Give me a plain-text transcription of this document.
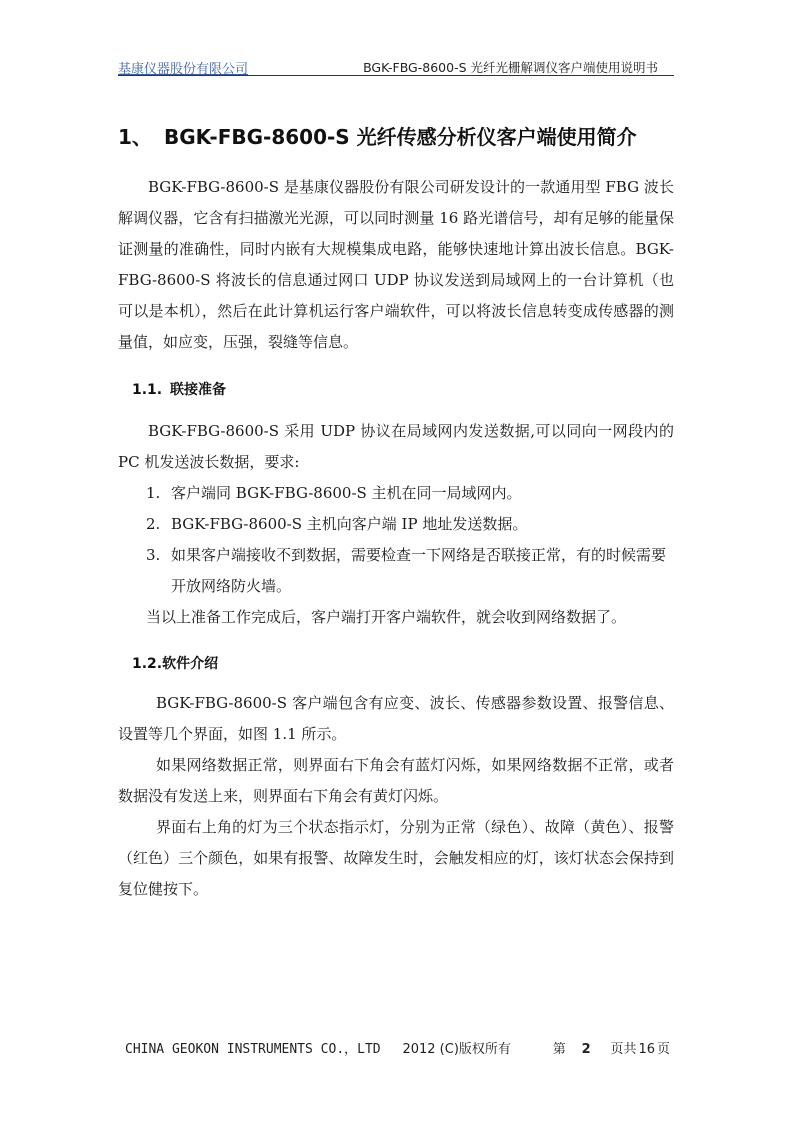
基康仪器股份有限公司	BGK-FBG-8600-S 光纤光栅解调仪客户端使用说明书
1、 BGK-FBG-8600-S 光纤传感分析仪客户端使用简介

BGK-FBG-8600-S 是基康仪器股份有限公司研发设计的一款通用型 FBG 波长解调仪器，它含有扫描激光光源，可以同时测量 16 路光谱信号，却有足够的能量保证测量的准确性，同时内嵌有大规模集成电路，能够快速地计算出波长信息。BGK-FBG-8600-S 将波长的信息通过网口 UDP 协议发送到局域网上的一台计算机（也可以是本机），然后在此计算机运行客户端软件，可以将波长信息转变成传感器的测量值，如应变，压强，裂缝等信息。

1.1. 联接准备

BGK-FBG-8600-S 采用 UDP 协议在局域网内发送数据,可以同向一网段内的 PC 机发送波长数据，要求:

1. 客户端同 BGK-FBG-8600-S 主机在同一局域网内。
2. BGK-FBG-8600-S 主机向客户端 IP 地址发送数据。
3. 如果客户端接收不到数据，需要检查一下网络是否联接正常，有的时候需要开放网络防火墙。

当以上准备工作完成后，客户端打开客户端软件，就会收到网络数据了。

1.2.软件介绍

BGK-FBG-8600-S 客户端包含有应变、波长、传感器参数设置、报警信息、设置等几个界面，如图 1.1 所示。

如果网络数据正常，则界面右下角会有蓝灯闪烁，如果网络数据不正常，或者数据没有发送上来，则界面右下角会有黄灯闪烁。

界面右上角的灯为三个状态指示灯，分别为正常（绿色）、故障（黄色）、报警（红色）三个颜色，如果有报警、故障发生时，会触发相应的灯，该灯状态会保持到复位健按下。

CHINA GEOKON INSTRUMENTS CO.，LTD 2012 (C)版权所有	第 2 页共 16 页
